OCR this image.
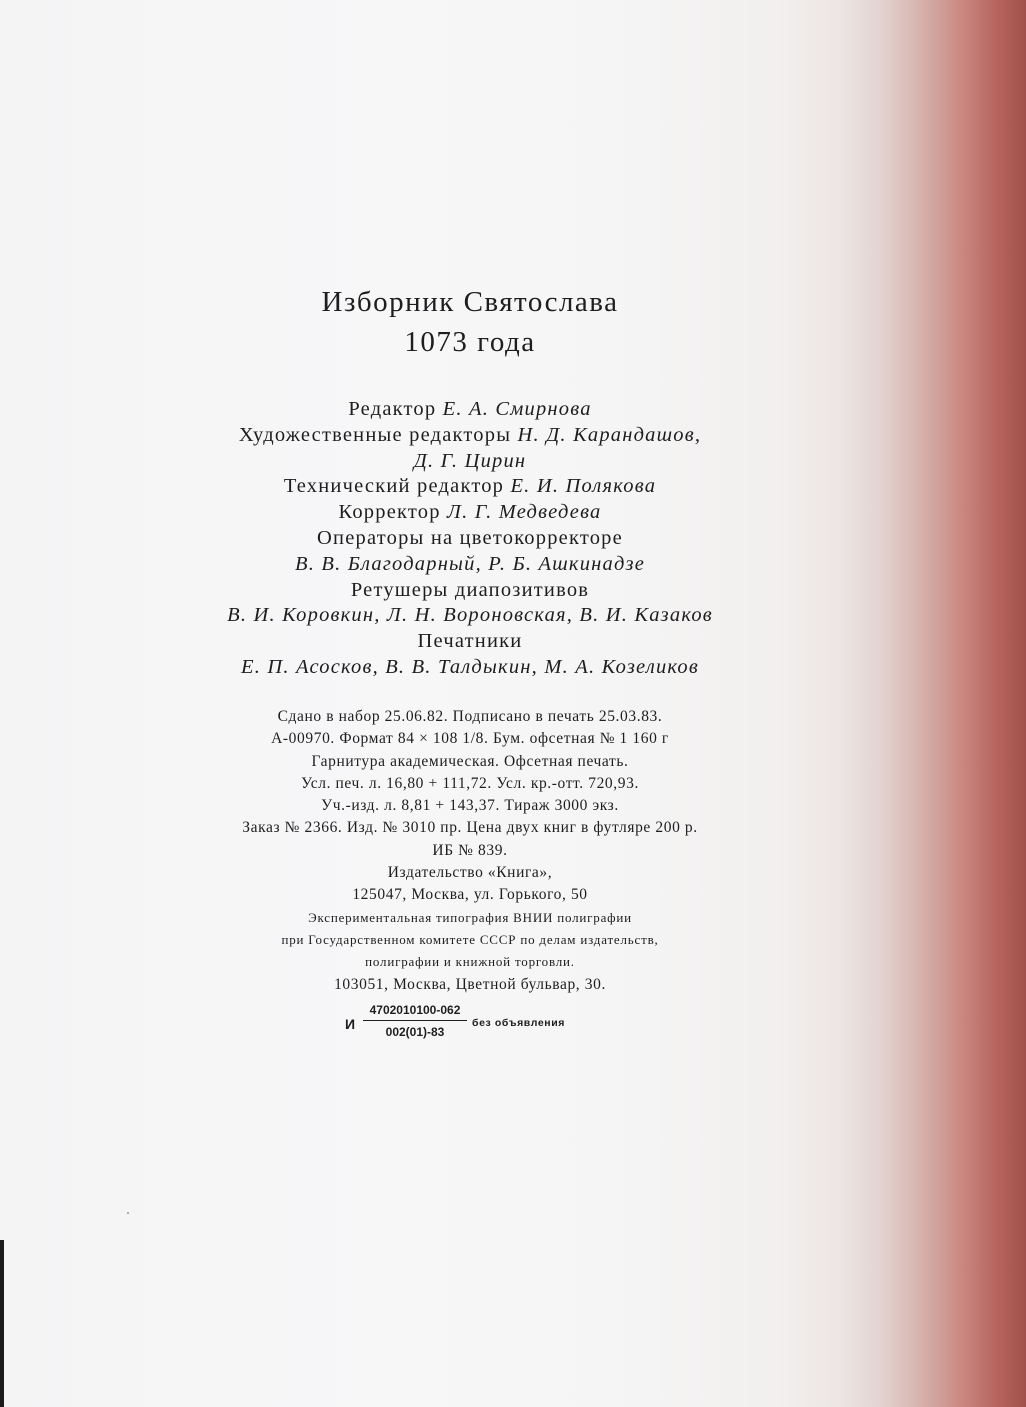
Изборник Святослава
1073 года
Редактор Е. А. Смирнова
Художественные редакторы Н. Д. Карандашов,
Д. Г. Цирин
Технический редактор Е. И. Полякова
Корректор Л. Г. Медведева
Операторы на цветокорректоре
В. В. Благодарный, Р. Б. Ашкинадзе
Ретушеры диапозитивов
В. И. Коровкин, Л. Н. Вороновская, В. И. Казаков
Печатники
Е. П. Асосков, В. В. Талдыкин, М. А. Козеликов
Сдано в набор 25.06.82. Подписано в печать 25.03.83.
А-00970. Формат 84 × 108 1/8. Бум. офсетная № 1 160 г
Гарнитура академическая. Офсетная печать.
Усл. печ. л. 16,80 + 111,72. Усл. кр.-отт. 720,93.
Уч.-изд. л. 8,81 + 143,37. Тираж 3000 экз.
Заказ № 2366. Изд. № 3010 пр. Цена двух книг в футляре 200 р.
ИБ № 839.
Издательство «Книга»,
125047, Москва, ул. Горького, 50
Экспериментальная типография ВНИИ полиграфии
при Государственном комитете СССР по делам издательств,
полиграфии и книжной торговли.
103051, Москва, Цветной бульвар, 30.
И $\frac{4702010100-062}{002(01)-83}$ без объявления
